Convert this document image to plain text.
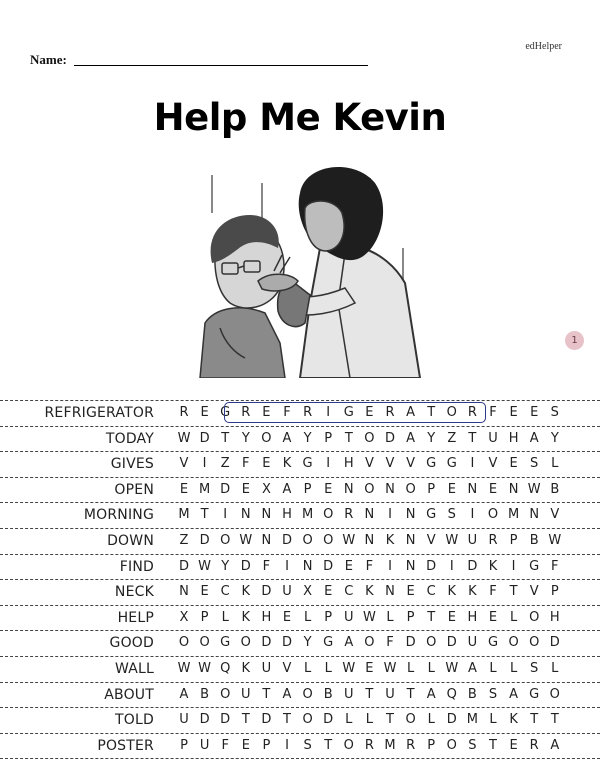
edHelper
Name:
Help Me Kevin
1
REFRIGERATOR	R E G R E F R	I	G E R A T O R F E E S
TODAY W D T Y O A Y P T O D A Y Z T U H A Y
GIVES	V	I	Z F E K G	I	H V V V G G	I	V E S L
OPEN	E M D E X A P E N O N O P E N E N W B
MORNING	M T	I	N N H M O R N	I	N G S	I	O M N V
DOWN	Z D O W N D O O W N K N V W U R P B W
FIND	D W Y D F	I	N D E F	I	N D	I	D K	I	G F
NECK	N E C K D U X E C K N E C K K F T V P
HELP	X P	L K H E L	P U W L	P T E H E L O H
GOOD	O O G O D D Y G A O F D O D U G O O D
WALL W W Q K U V L	L W E W L	L W A L	L S L
ABOUT	A B O U T A O B U T U T A Q B S A G O
TOLD	U D D T D T O D L	L	T O L D M L K T T
POSTER	P U F E P	I	S T O R M R P O S T E R A
